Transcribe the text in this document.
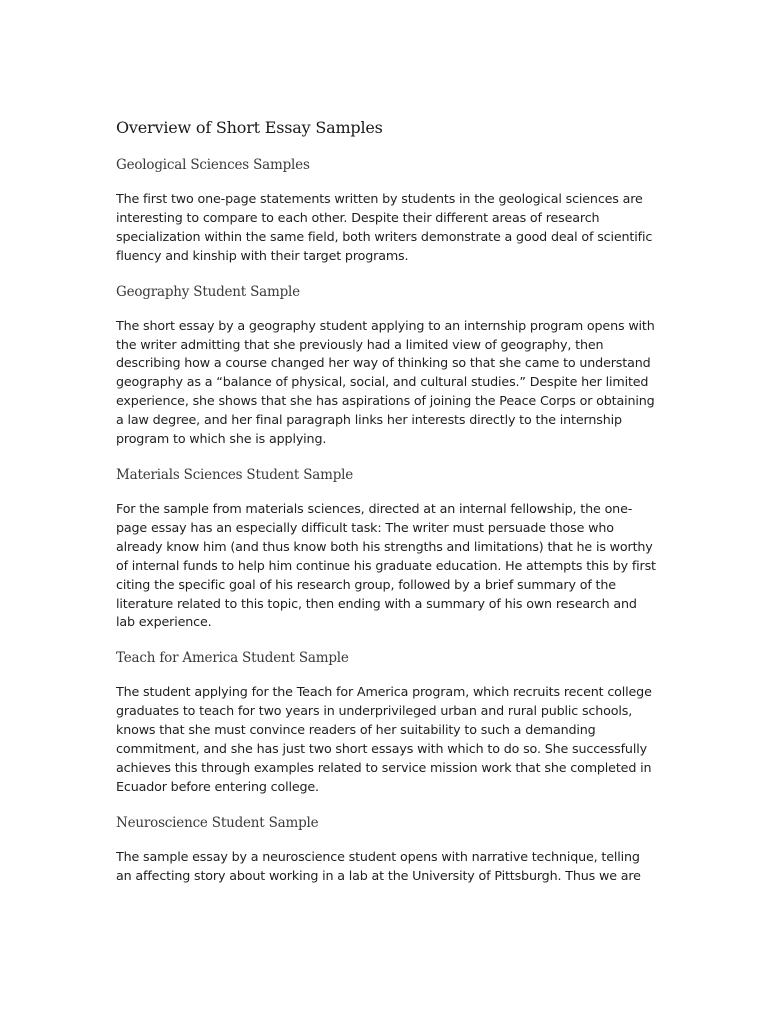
Overview of Short Essay Samples
Geological Sciences Samples

The first two one-page statements written by students in the geological sciences are interesting to compare to each other. Despite their different areas of research specialization within the same field, both writers demonstrate a good deal of scientific fluency and kinship with their target programs.

Geography Student Sample

The short essay by a geography student applying to an internship program opens with the writer admitting that she previously had a limited view of geography, then describing how a course changed her way of thinking so that she came to understand geography as a “balance of physical, social, and cultural studies.” Despite her limited experience, she shows that she has aspirations of joining the Peace Corps or obtaining a law degree, and her final paragraph links her interests directly to the internship program to which she is applying.

Materials Sciences Student Sample

For the sample from materials sciences, directed at an internal fellowship, the one-page essay has an especially difficult task: The writer must persuade those who already know him (and thus know both his strengths and limitations) that he is worthy of internal funds to help him continue his graduate education. He attempts this by first citing the specific goal of his research group, followed by a brief summary of the literature related to this topic, then ending with a summary of his own research and lab experience.

Teach for America Student Sample

The student applying for the Teach for America program, which recruits recent college graduates to teach for two years in underprivileged urban and rural public schools, knows that she must convince readers of her suitability to such a demanding commitment, and she has just two short essays with which to do so. She successfully achieves this through examples related to service mission work that she completed in Ecuador before entering college.

Neuroscience Student Sample

The sample essay by a neuroscience student opens with narrative technique, telling an affecting story about working in a lab at the University of Pittsburgh. Thus we are
